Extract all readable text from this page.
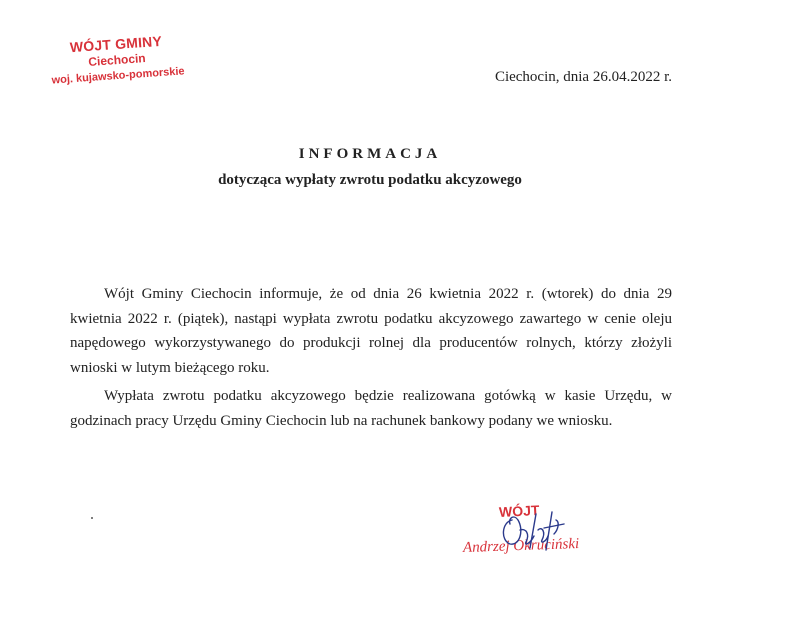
WÓJT GMINY
Ciechocin
woj. kujawsko-pomorskie	Ciechocin, dnia 26.04.2022 r.
INFORMACJA
dotycząca wypłaty zwrotu podatku akcyzowego

Wójt Gminy Ciechocin informuje, że od dnia 26 kwietnia 2022 r. (wtorek) do dnia 29 kwietnia 2022 r. (piątek), nastąpi wypłata zwrotu podatku akcyzowego zawartego w cenie oleju napędowego wykorzystywanego do produkcji rolnej dla producentów rolnych, którzy złożyli wnioski w lutym bieżącego roku.

Wypłata zwrotu podatku akcyzowego będzie realizowana gotówką w kasie Urzędu, w godzinach pracy Urzędu Gminy Ciechocin lub na rachunek bankowy podany we wniosku.

WÓJT
Andrzej Okruciński
